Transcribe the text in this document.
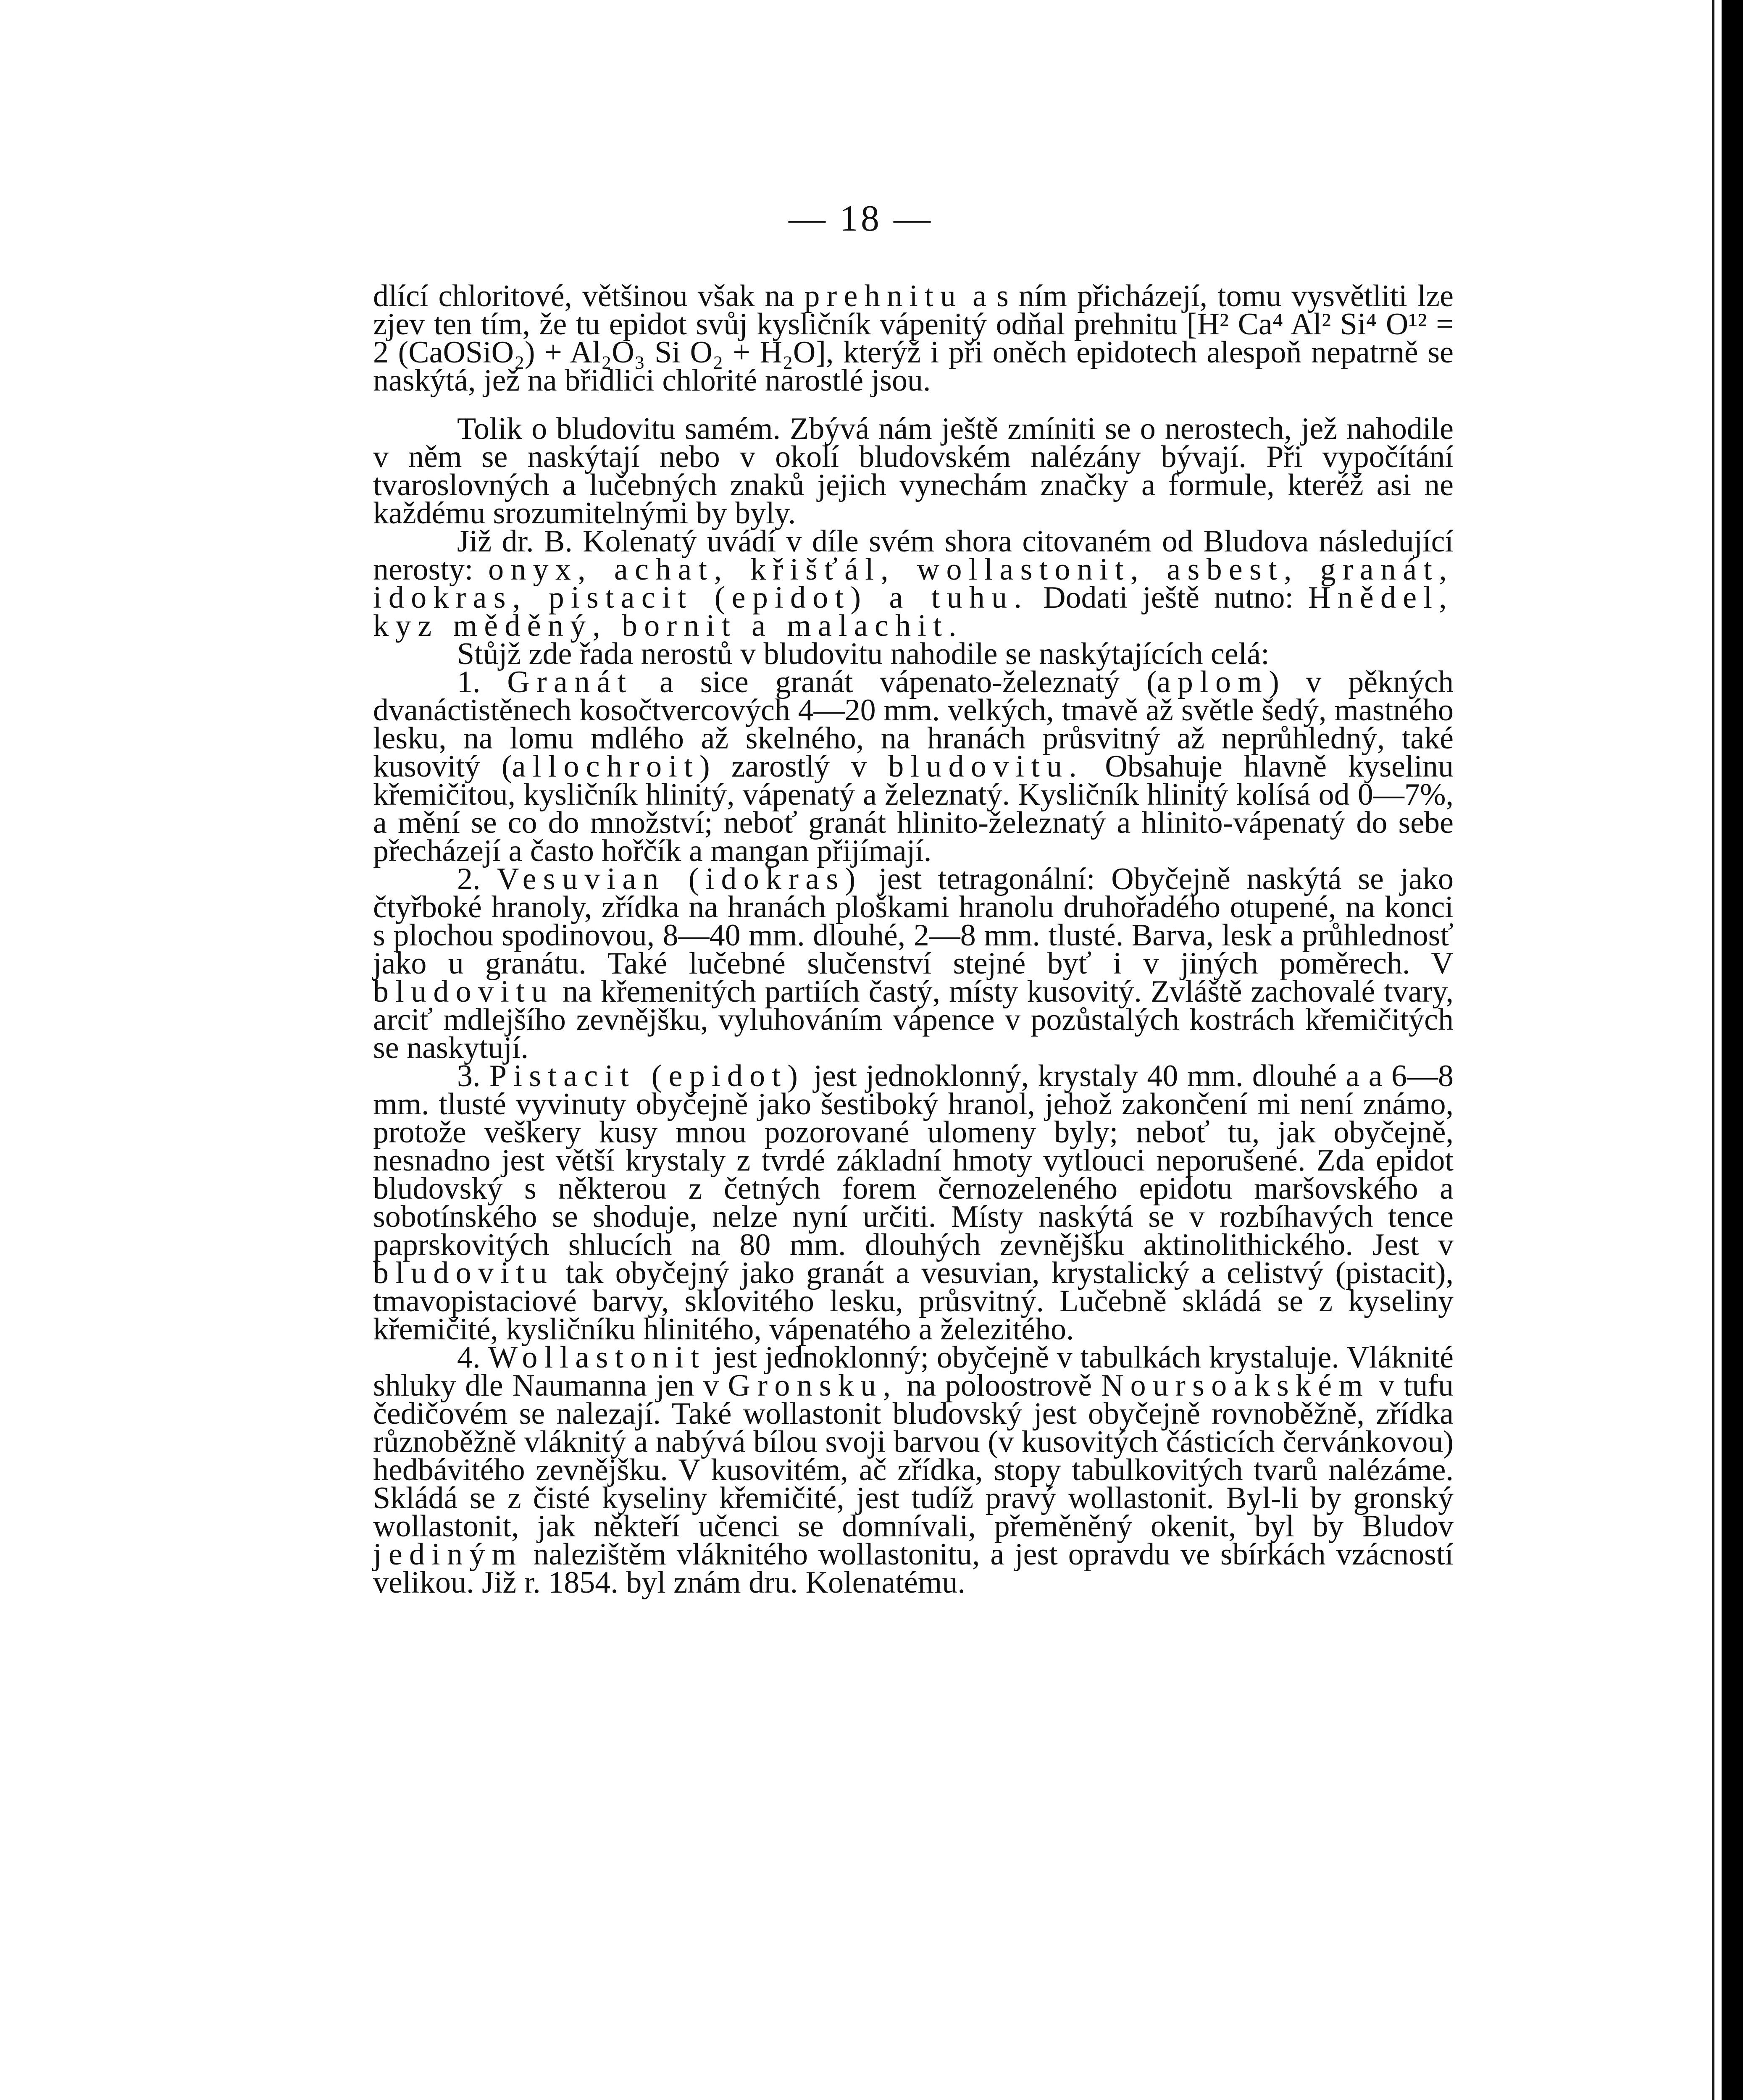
— 18 —

dlící chloritové, většinou však na prehnitu a s ním přicházejí, tomu vysvětliti lze zjev ten tím, že tu epidot svůj kysličník vápenitý odňal prehnitu [H² Ca⁴ Al² Si⁴ O¹² = 2 (CaOSiO₂) + Al₂O₃ Si O₂ + H₂O], kterýž i při oněch epidotech alespoň nepatrně se naskýtá, jež na břidlici chlorité narostlé jsou.

Tolik o bludovitu samém. Zbývá nám ještě zmíniti se o nerostech, jež nahodile v něm se naskýtají nebo v okolí bludovském nalézány bývají. Při vypočítání tvaroslovných a lučebných znaků jejich vynechám značky a formule, kteréž asi ne každému srozumitelnými by byly.

Již dr. B. Kolenatý uvádí v díle svém shora citovaném od Bludova následující nerosty: onyx, achat, křišťál, wollastonit, asbest, granát, idokras, pistacit (epidot) a tuhu. Dodati ještě nutno: Hnědel, kyz měděný, bornit a malachit.

Stůjž zde řada nerostů v bludovitu nahodile se naskýtajících celá:

1. Granát a sice granát vápenato-železnatý (aplom) v pěkných dvanáctistěnech kosočtvercových 4—20 mm. velkých, tmavě až světle šedý, mastného lesku, na lomu mdlého až skelného, na hranách průsvitný až neprůhledný, také kusovitý (allochroit) zarostlý v bludovitu. Obsahuje hlavně kyselinu křemičitou, kysličník hlinitý, vápenatý a železnatý. Kysličník hlinitý kolísá od 0—7%, a mění se co do množství; neboť granát hlinito-železnatý a hlinito-vápenatý do sebe přecházejí a často hořčík a mangan přijímají.

2. Vesuvian (idokras) jest tetragonální: Obyčejně naskýtá se jako čtyřboké hranoly, zřídka na hranách ploškami hranolu druhořadého otupené, na konci s plochou spodinovou, 8—40 mm. dlouhé, 2—8 mm. tlusté. Barva, lesk a průhlednosť jako u granátu. Také lučebné slučenství stejné byť i v jiných poměrech. V bludovitu na křemenitých partiích častý, místy kusovitý. Zvláště zachovalé tvary, arciť mdlejšího zevnějšku, vyluhováním vápence v pozůstalých kostrách křemičitých se naskytují.

3. Pistacit (epidot) jest jednoklonný, krystaly 40 mm. dlouhé a a 6—8 mm. tlusté vyvinuty obyčejně jako šestiboký hranol, jehož zakončení mi není známo, protože veškery kusy mnou pozorované ulomeny byly; neboť tu, jak obyčejně, nesnadno jest větší krystaly z tvrdé základní hmoty vytlouci neporušené. Zda epidot bludovský s některou z četných forem černozeleného epidotu maršovského a sobotínského se shoduje, nelze nyní určiti. Místy naskýtá se v rozbíhavých tence paprskovitých shlucích na 80 mm. dlouhých zevnějšku aktinolithického. Jest v bludovitu tak obyčejný jako granát a vesuvian, krystalický a celistvý (pistacit), tmavopistaciové barvy, sklovitého lesku, průsvitný. Lučebně skládá se z kyseliny křemičité, kysličníku hlinitého, vápenatého a železitého.

4. Wollastonit jest jednoklonný; obyčejně v tabulkách krystaluje. Vláknité shluky dle Naumanna jen v Gronsku, na poloostrově Noursoakském v tufu čedičovém se nalezají. Také wollastonit bludovský jest obyčejně rovnoběžně, zřídka různoběžně vláknitý a nabývá bílou svoji barvou (v kusovitých částicích červánkovou) hedbávitého zevnějšku. V kusovitém, ač zřídka, stopy tabulkovitých tvarů nalézáme. Skládá se z čisté kyseliny křemičité, jest tudíž pravý wollastonit. Byl-li by gronský wollastonit, jak někteří učenci se domnívali, přeměněný okenit, byl by Bludov jediným nalezištěm vláknitého wollastonitu, a jest opravdu ve sbírkách vzácností velikou. Již r. 1854. byl znám dru. Kolenatému.
